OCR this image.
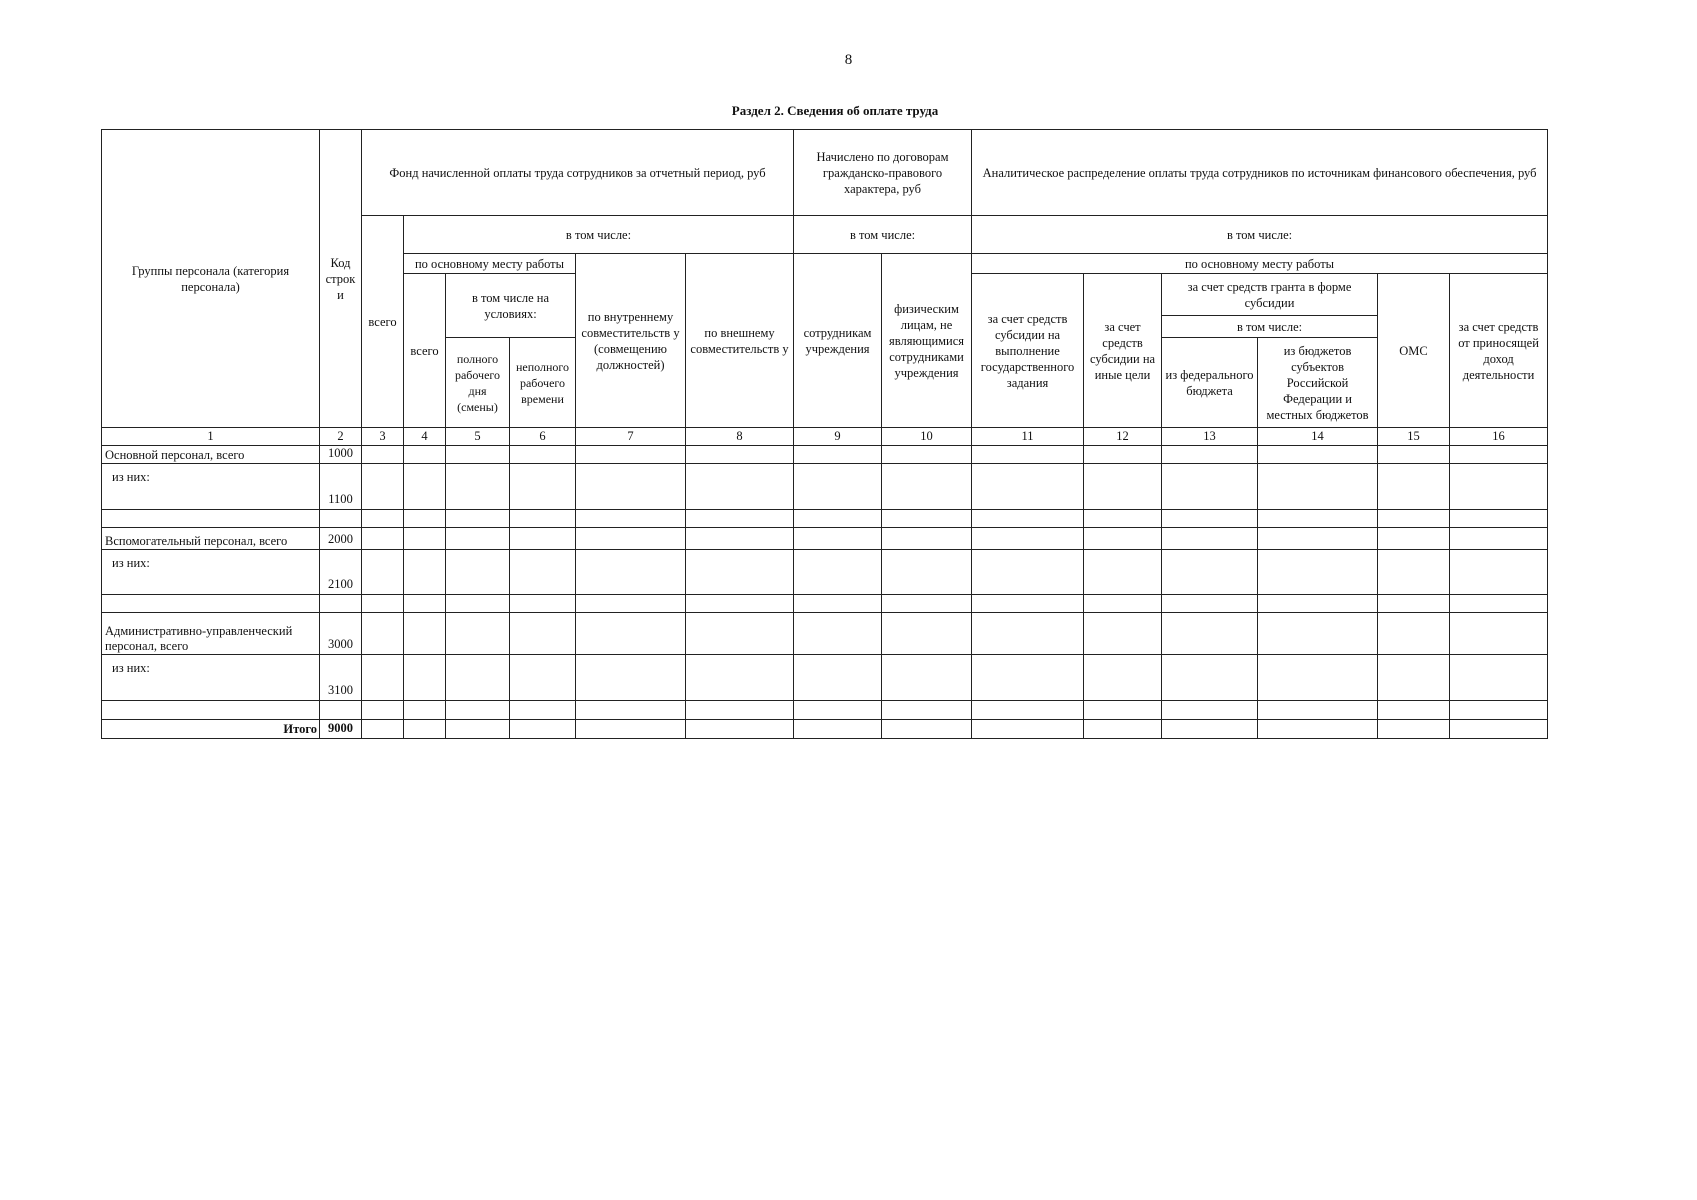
8
Раздел 2. Сведения об оплате труда
Группы персонала (категория персонала)	Код строк и	Фонд начисленной оплаты труда сотрудников за отчетный период, руб						Начислено по договорам гражданско-правового характера, руб		Аналитическое распределение оплаты труда сотрудников по источникам финансового обеспечения, руб					
		всего	в том числе:					в том числе:		в том числе:					
			по основному месту работы			по внутреннему совместительств у (совмещению должностей)	по внешнему совместительств у	сотрудникам учреждения	физическим лицам, не являющимися сотрудниками учреждения	по основному месту работы					
			всего	в том числе на условиях:						за счет средств субсидии на выполнение государственного задания	за счет средств субсидии на иные цели	за счет средств гранта в форме субсидии		ОМС	за счет средств от приносящей доход деятельности
												в том числе:			
				полного рабочего дня (смены)	неполного рабочего времени							из федерального бюджета	из бюджетов субъектов Российской Федерации и местных бюджетов		

1	2	3	4	5	6	7	8	9	10	11	12	13	14	15	16
Основной персонал, всего	1000														

из них:	1100														

Вспомогательный персонал, всего	2000														

из них:	2100														

Административно-управленческий персонал, всего	3000														

из них:	3100														

Итого	9000														
